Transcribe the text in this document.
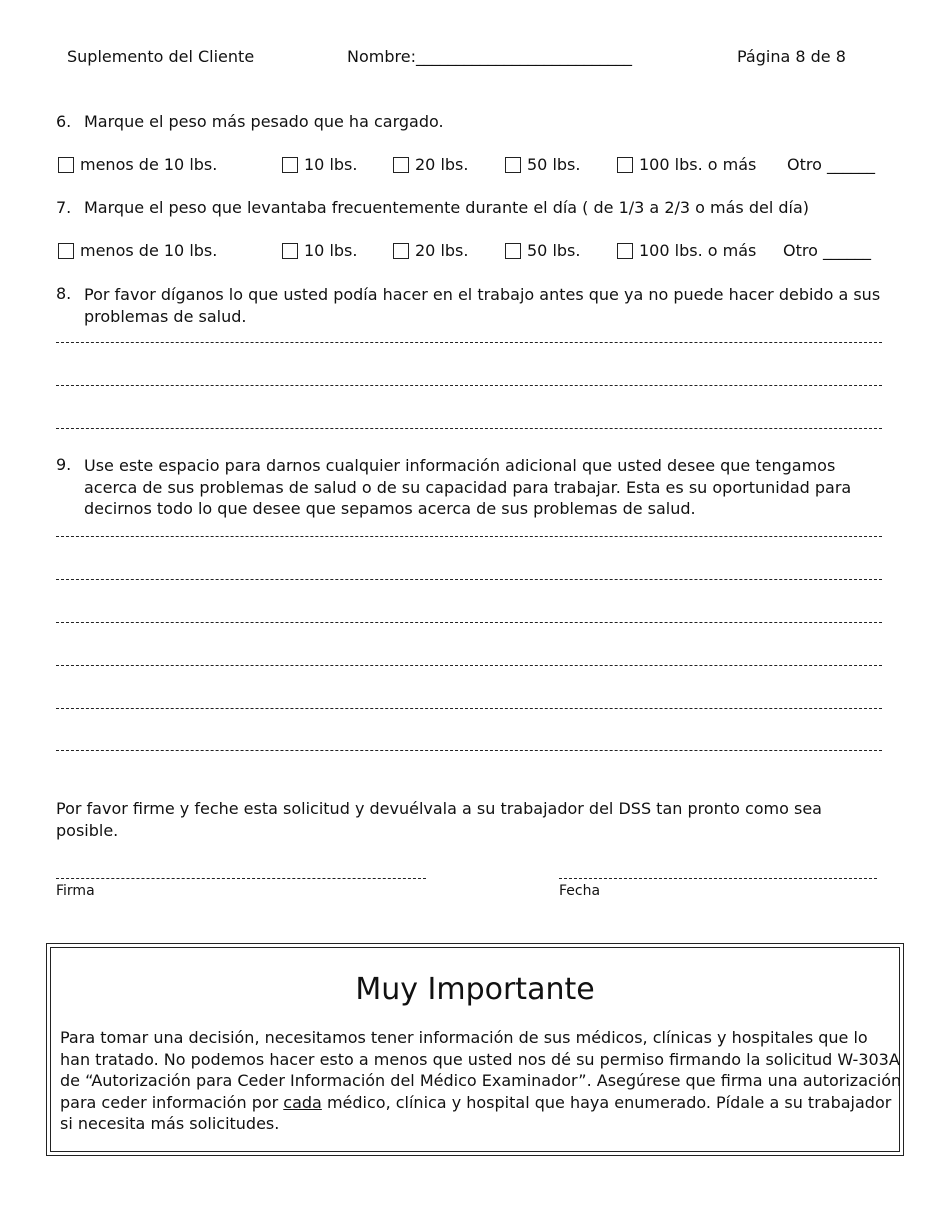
Suplemento del Cliente	Nombre:___________________________	Página 8 de 8
6. Marque el peso más pesado que ha cargado.
menos de 10 lbs.	10 lbs.	20 lbs.	50 lbs.	100 lbs. o más Otro ______
7. Marque el peso que levantaba frecuentemente durante el día ( de 1/3 a 2/3 o más del día)
menos de 10 lbs.	10 lbs.	20 lbs.	50 lbs.	100 lbs. o más Otro ______
8. Por favor díganos lo que usted podía hacer en el trabajo antes que ya no puede hacer debido a sus problemas de salud.
9. Use este espacio para darnos cualquier información adicional que usted desee que tengamos acerca de sus problemas de salud o de su capacidad para trabajar. Esta es su oportunidad para decirnos todo lo que desee que sepamos acerca de sus problemas de salud.
Por favor firme y feche esta solicitud y devuélvala a su trabajador del DSS tan pronto como sea posible.
Firma	Fecha
Muy Importante
Para tomar una decisión, necesitamos tener información de sus médicos, clínicas y hospitales que lo han tratado. No podemos hacer esto a menos que usted nos dé su permiso firmando la solicitud W-303A de “Autorización para Ceder Información del Médico Examinador”. Asegúrese que firma una autorización para ceder información por cada médico, clínica y hospital que haya enumerado. Pídale a su trabajador si necesita más solicitudes.
